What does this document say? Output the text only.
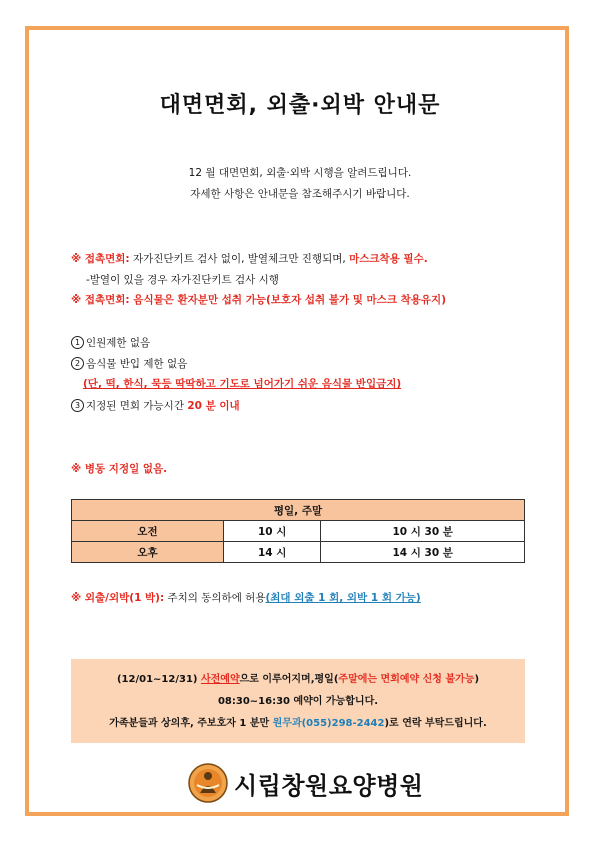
대면면회, 외출·외박 안내문
12 월 대면면회, 외출·외박 시행을 알려드립니다.
자세한 사항은 안내문을 참조해주시기 바랍니다.
※ 접촉면회: 자가진단키트 검사 없이, 발열체크만 진행되며, 마스크착용 필수.
-발열이 있을 경우 자가진단키트 검사 시행
※ 접촉면회: 음식물은 환자분만 섭취 가능(보호자 섭취 불가 및 마스크 착용유지)
1 인원제한 없음
2 음식물 반입 제한 없음
(단, 떡, 한식, 묵등 딱딱하고 기도로 넘어가기 쉬운 음식물 반입금지)
3 지정된 면회 가능시간 20 분 이내
※ 병동 지정일 없음.
평일, 주말		
오전	10 시	10 시 30 분
오후	14 시	14 시 30 분
※ 외출/외박(1 박): 주치의 동의하에 허용(최대 외출 1 회, 외박 1 회 가능)
(12/01~12/31) 사전예약으로 이루어지며,평일(주말에는 면회예약 신청 불가능)
08:30~16:30 예약이 가능합니다.
가족분들과 상의후, 주보호자 1 분만 원무과(055)298-2442)로 연락 부탁드립니다.
시립창원요양병원
